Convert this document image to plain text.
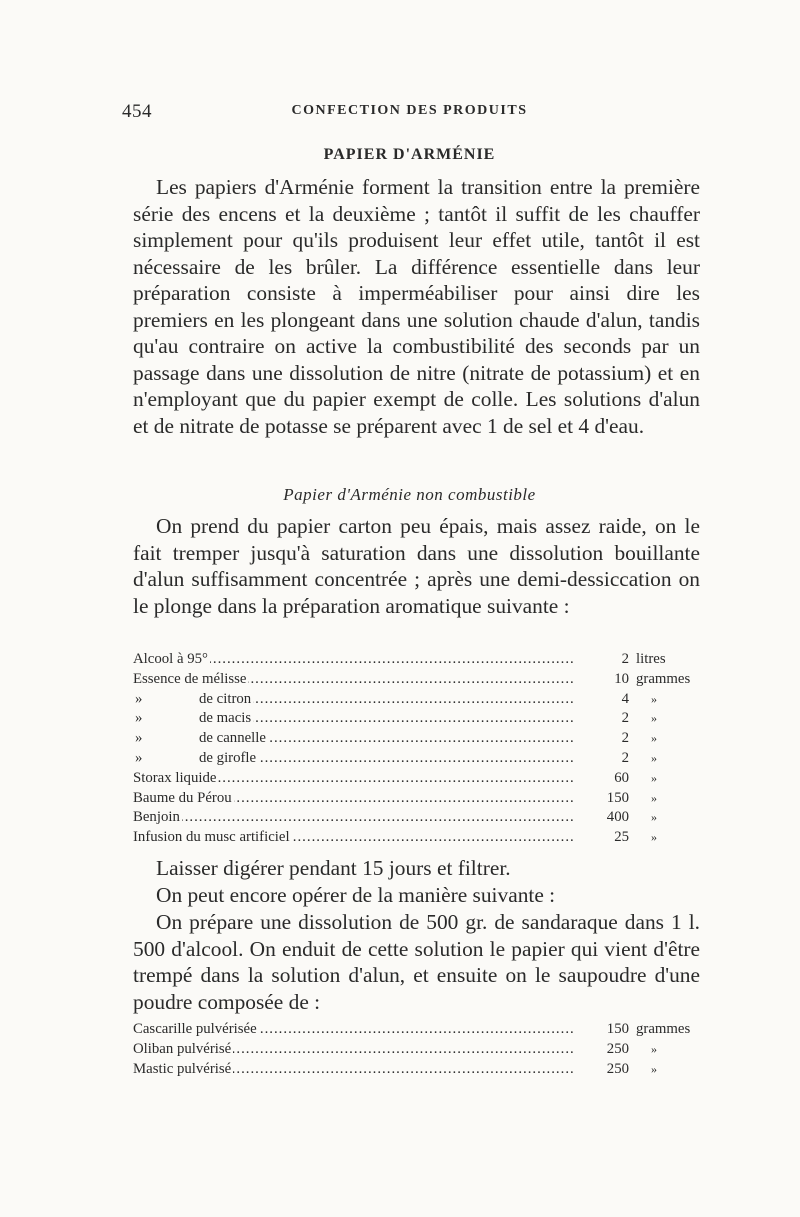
454	CONFECTION DES PRODUITS
PAPIER D'ARMÉNIE

Les papiers d'Arménie forment la transition entre la première série des encens et la deuxième ; tantôt il suffit de les chauffer simplement pour qu'ils produisent leur effet utile, tantôt il est nécessaire de les brûler. La différence essentielle dans leur préparation consiste à imperméabiliser pour ainsi dire les premiers en les plongeant dans une solution chaude d'alun, tandis qu'au contraire on active la combustibilité des seconds par un passage dans une dissolution de nitre (nitrate de potassium) et en n'employant que du papier exempt de colle. Les solutions d'alun et de nitrate de potasse se préparent avec 1 de sel et 4 d'eau.

Papier d'Arménie non combustible

On prend du papier carton peu épais, mais assez raide, on le fait tremper jusqu'à saturation dans une dissolution bouillante d'alun suffisamment concentrée ; après une demi-dessiccation on le plonge dans la préparation aromatique suivante :

Alcool à 95° .....	2 litres
Essence de mélisse .....	10 grammes
»	de citron .....	4 »
»	de macis .....	2 »
»	de cannelle .....	2 »
»	de girofle .....	2 »
Storax liquide .....	60 »
Baume du Pérou .....	150 »
Benjoin .....	400 »
Infusion du musc artificiel .....	25 »

Laisser digérer pendant 15 jours et filtrer.

On peut encore opérer de la manière suivante :

On prépare une dissolution de 500 gr. de sandaraque dans 1 l. 500 d'alcool. On enduit de cette solution le papier qui vient d'être trempé dans la solution d'alun, et ensuite on le saupoudre d'une poudre composée de :

Cascarille pulvérisée .....	150 grammes
Oliban pulvérisé .....	250 »
Mastic pulvérisé .....	250 »
